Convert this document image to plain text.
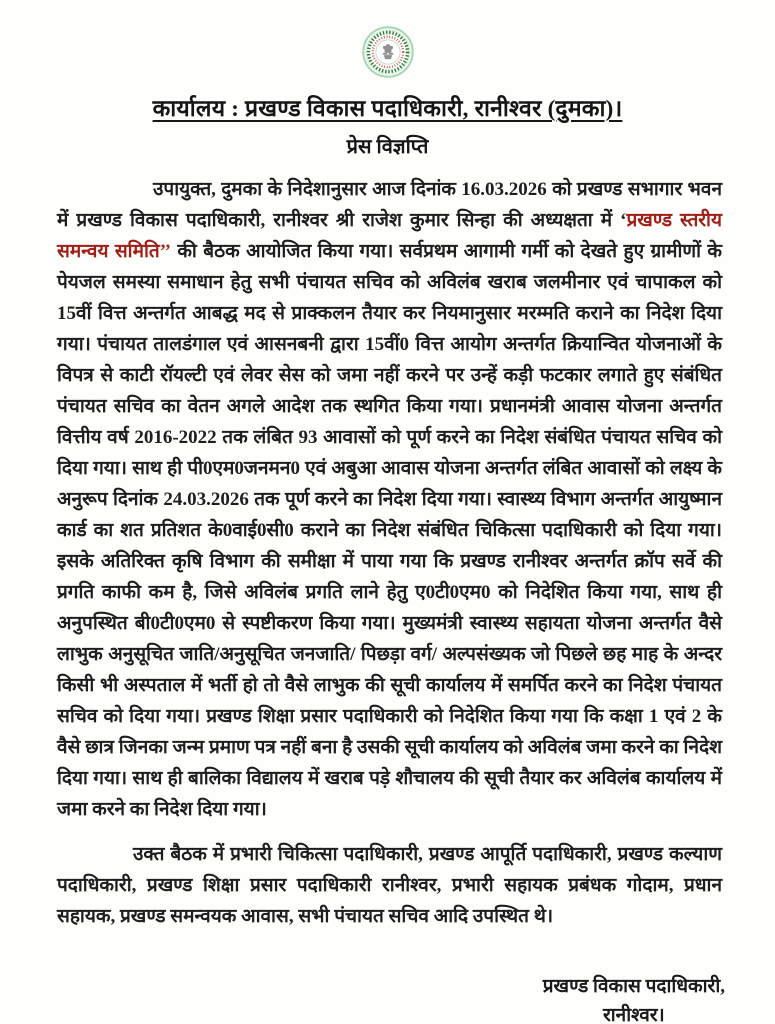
कार्यालय : प्रखण्ड विकास पदाधिकारी, रानीश्वर (दुमका)।
प्रेस विज्ञप्ति

उपायुक्त, दुमका के निदेशानुसार आज दिनांक 16.03.2026 को प्रखण्ड सभागार भवन में प्रखण्ड विकास पदाधिकारी, रानीश्वर श्री राजेश कुमार सिन्हा की अध्यक्षता में ‘प्रखण्ड स्तरीय समन्वय समिति’’ की बैठक आयोजित किया गया। सर्वप्रथम आगामी गर्मी को देखते हुए ग्रामीणों के पेयजल समस्या समाधान हेतु सभी पंचायत सचिव को अविलंब खराब जलमीनार एवं चापाकल को 15वीं वित्त अन्तर्गत आबद्ध मद से प्राक्कलन तैयार कर नियमानुसार मरम्मति कराने का निदेश दिया गया। पंचायत तालडंगाल एवं आसनबनी द्वारा 15वीं0 वित्त आयोग अन्तर्गत क्रियान्वित योजनाओं के विपत्र से काटी रॉयल्टी एवं लेवर सेस को जमा नहीं करने पर उन्हें कड़ी फटकार लगाते हुए संबंधित पंचायत सचिव का वेतन अगले आदेश तक स्थगित किया गया। प्रधानमंत्री आवास योजना अन्तर्गत वित्तीय वर्ष 2016-2022 तक लंबित 93 आवासों को पूर्ण करने का निदेश संबंधित पंचायत सचिव को दिया गया। साथ ही पी0एम0जनमन0 एवं अबुआ आवास योजना अन्तर्गत लंबित आवासों को लक्ष्य के अनुरूप दिनांक 24.03.2026 तक पूर्ण करने का निदेश दिया गया। स्वास्थ्य विभाग अन्तर्गत आयुष्मान कार्ड का शत प्रतिशत के0वाई0सी0 कराने का निदेश संबंधित चिकित्सा पदाधिकारी को दिया गया। इसके अतिरिक्त कृषि विभाग की समीक्षा में पाया गया कि प्रखण्ड रानीश्वर अन्तर्गत क्रॉप सर्वे की प्रगति काफी कम है, जिसे अविलंब प्रगति लाने हेतु ए0टी0एम0 को निदेशित किया गया, साथ ही अनुपस्थित बी0टी0एम0 से स्पष्टीकरण किया गया। मुख्यमंत्री स्वास्थ्य सहायता योजना अन्तर्गत वैसे लाभुक अनुसूचित जाति/अनुसूचित जनजाति/ पिछड़ा वर्ग/ अल्पसंख्यक जो पिछले छह माह के अन्दर किसी भी अस्पताल में भर्ती हो तो वैसे लाभुक की सूची कार्यालय में समर्पित करने का निदेश पंचायत सचिव को दिया गया। प्रखण्ड शिक्षा प्रसार पदाधिकारी को निदेशित किया गया कि कक्षा 1 एवं 2 के वैसे छात्र जिनका जन्म प्रमाण पत्र नहीं बना है उसकी सूची कार्यालय को अविलंब जमा करने का निदेश दिया गया। साथ ही बालिका विद्यालय में खराब पड़े शौचालय की सूची तैयार कर अविलंब कार्यालय में जमा करने का निदेश दिया गया।

उक्त बैठक में प्रभारी चिकित्सा पदाधिकारी, प्रखण्ड आपूर्ति पदाधिकारी, प्रखण्ड कल्याण पदाधिकारी, प्रखण्ड शिक्षा प्रसार पदाधिकारी रानीश्वर, प्रभारी सहायक प्रबंधक गोदाम, प्रधान सहायक, प्रखण्ड समन्वयक आवास, सभी पंचायत सचिव आदि उपस्थित थे।

प्रखण्ड विकास पदाधिकारी,
रानीश्वर।
